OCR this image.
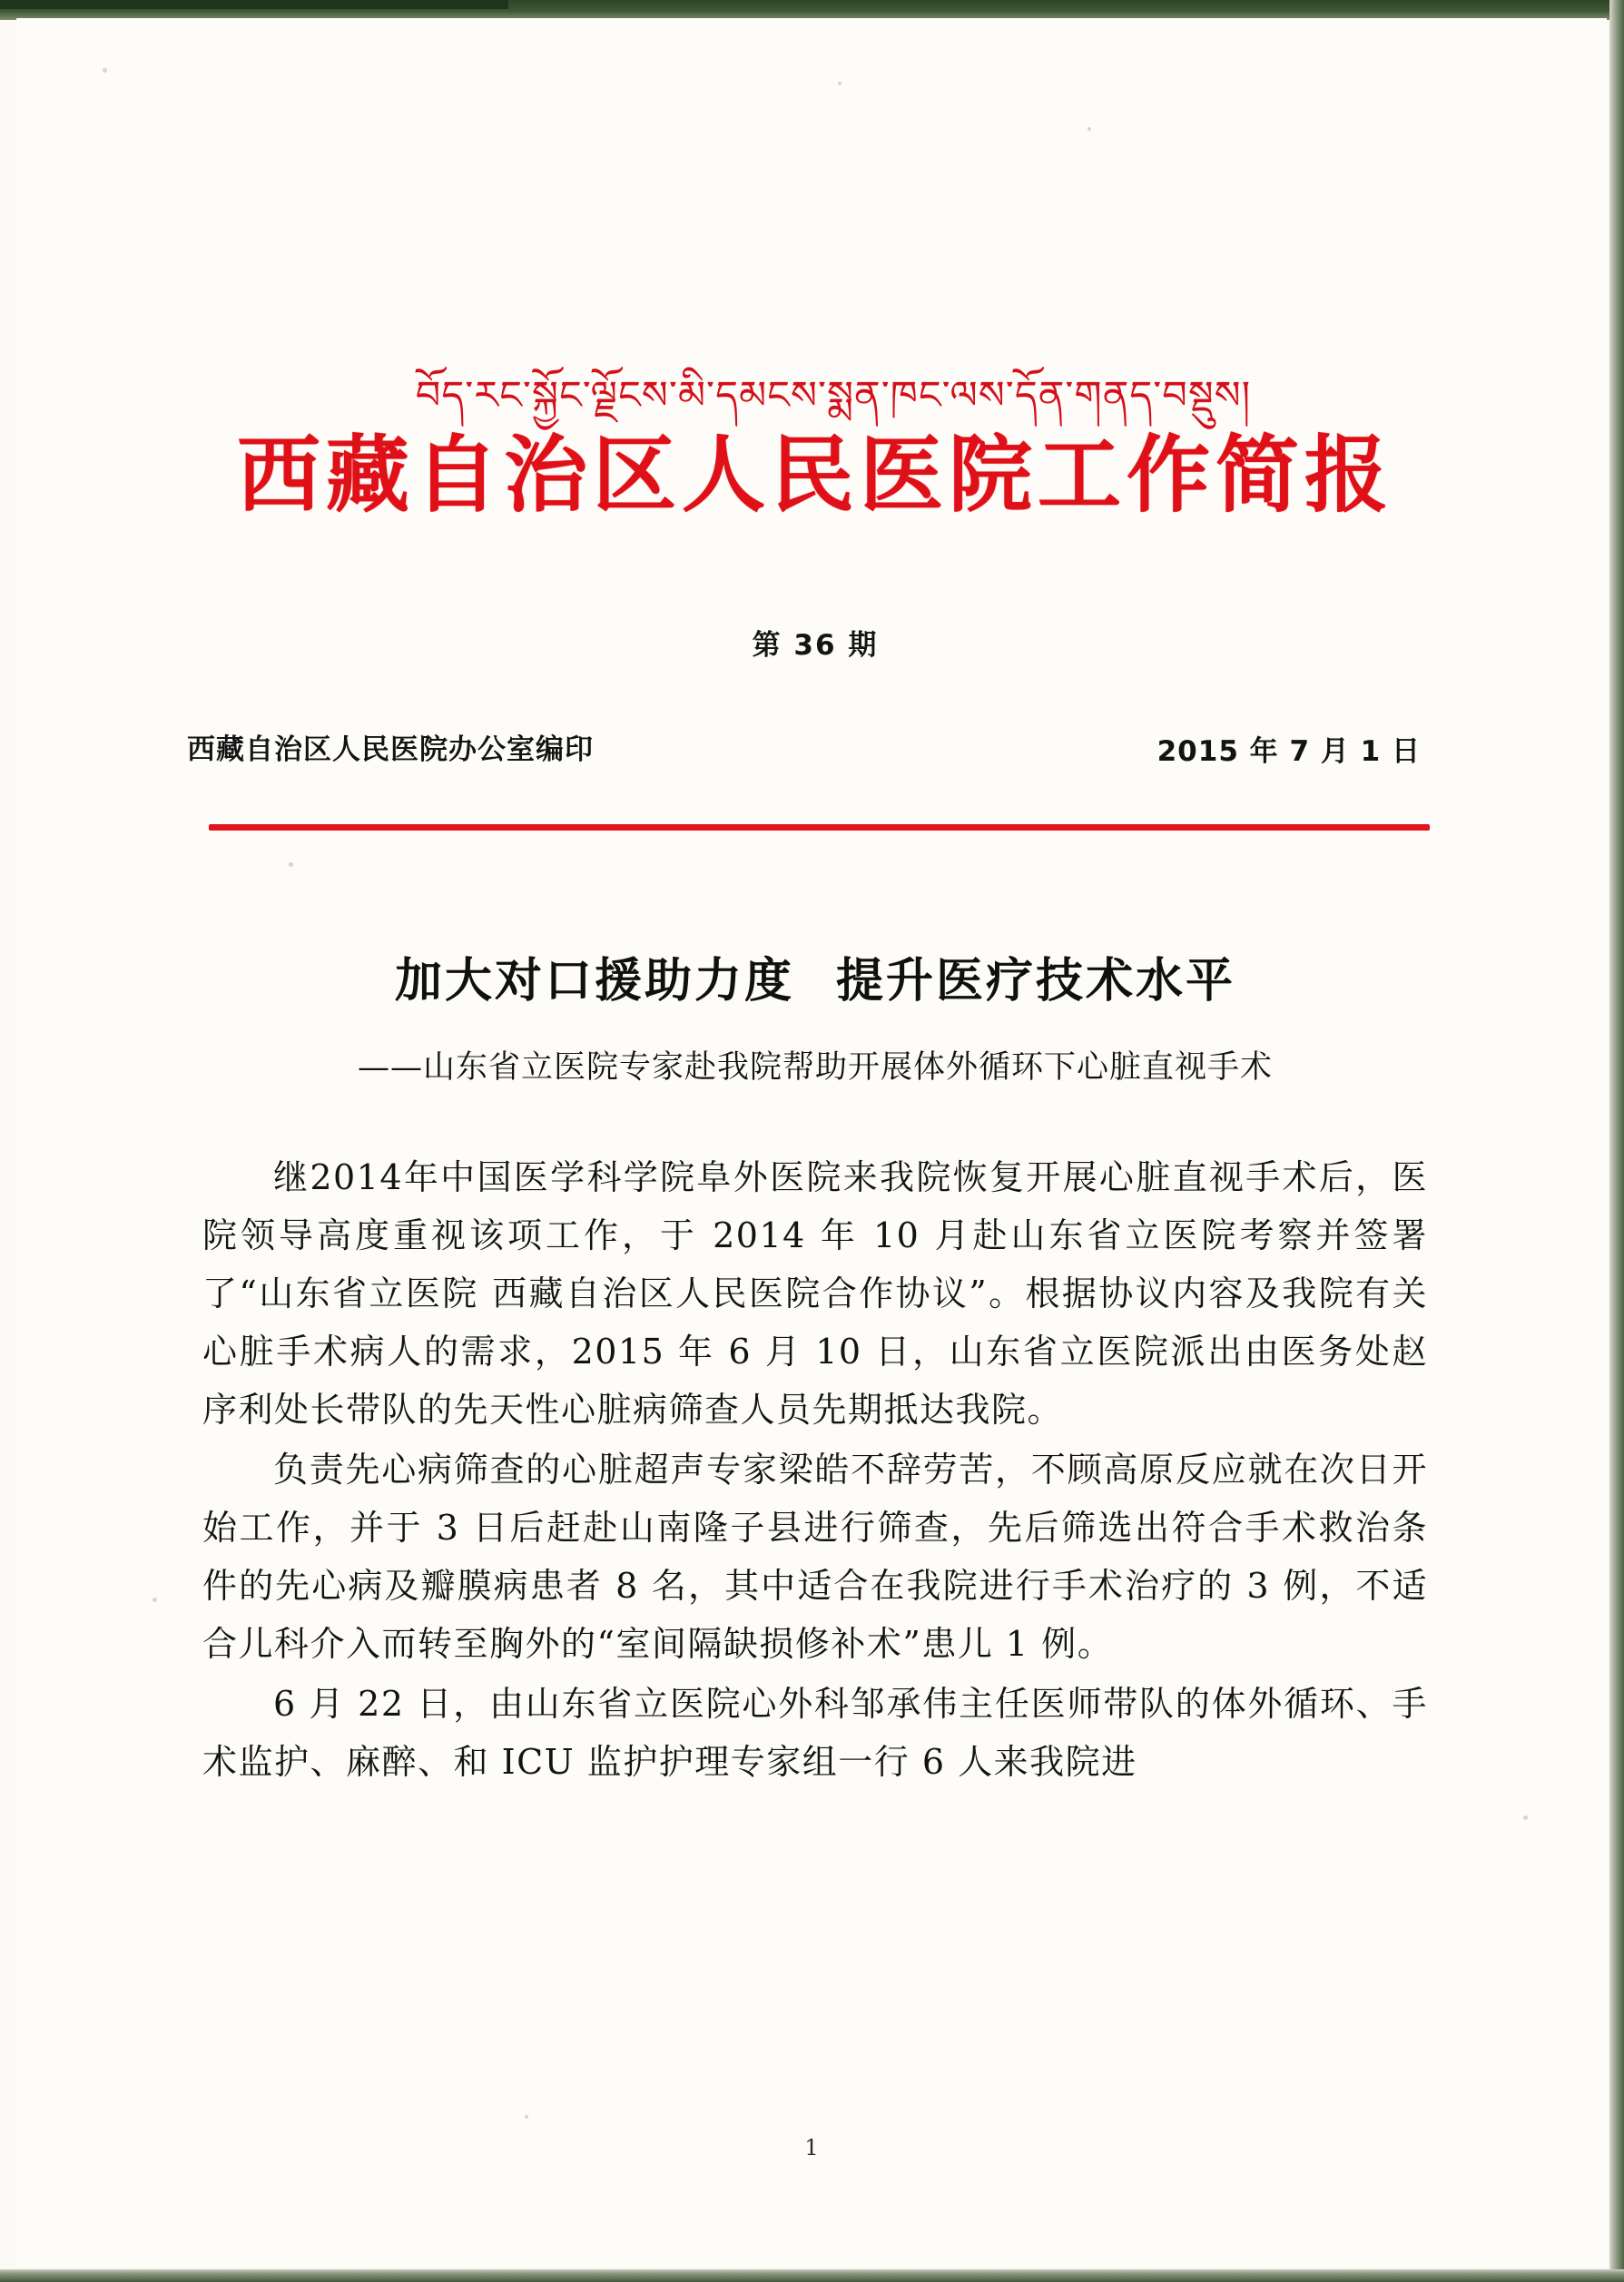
བོད་རང་སྐྱོང་ལྗོངས་མི་དམངས་སྨན་ཁང་ལས་དོན་གནད་བསྡུས།
西藏自治区人民医院工作简报
第 36 期
西藏自治区人民医院办公室编印	2015 年 7 月 1 日
加大对口援助力度 提升医疗技术水平
——山东省立医院专家赴我院帮助开展体外循环下心脏直视手术

继2014年中国医学科学院阜外医院来我院恢复开展心脏直视手术后，医院领导高度重视该项工作，于 2014 年 10 月赴山东省立医院考察并签署了“山东省立医院 西藏自治区人民医院合作协议”。根据协议内容及我院有关心脏手术病人的需求，2015 年 6 月 10 日，山东省立医院派出由医务处赵序利处长带队的先天性心脏病筛查人员先期抵达我院。

负责先心病筛查的心脏超声专家梁皓不辞劳苦，不顾高原反应就在次日开始工作，并于 3 日后赶赴山南隆子县进行筛查，先后筛选出符合手术救治条件的先心病及瓣膜病患者 8 名，其中适合在我院进行手术治疗的 3 例，不适合儿科介入而转至胸外的“室间隔缺损修补术”患儿 1 例。

6 月 22 日，由山东省立医院心外科邹承伟主任医师带队的体外循环、手术监护、麻醉、和 ICU 监护护理专家组一行 6 人来我院进

1
